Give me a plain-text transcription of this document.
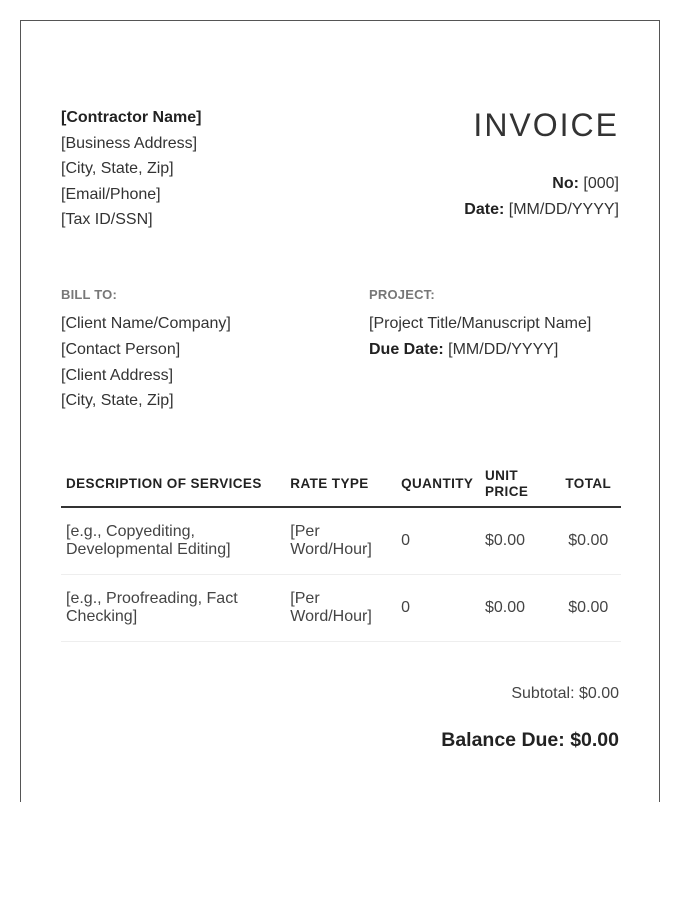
[Contractor Name]
[Business Address]
[City, State, Zip]
[Email/Phone]
[Tax ID/SSN]
INVOICE
No: [000]
Date: [MM/DD/YYYY]
BILL TO:
[Client Name/Company]
[Contact Person]
[Client Address]
[City, State, Zip]
PROJECT:
[Project Title/Manuscript Name]
Due Date: [MM/DD/YYYY]
DESCRIPTION OF SERVICES	RATE TYPE	QUANTITY	UNIT PRICE	TOTAL
[e.g., Copyediting, Developmental Editing]	[Per Word/Hour]	0	$0.00	$0.00
[e.g., Proofreading, Fact Checking]	[Per Word/Hour]	0	$0.00	$0.00
Subtotal: $0.00
Balance Due: $0.00
